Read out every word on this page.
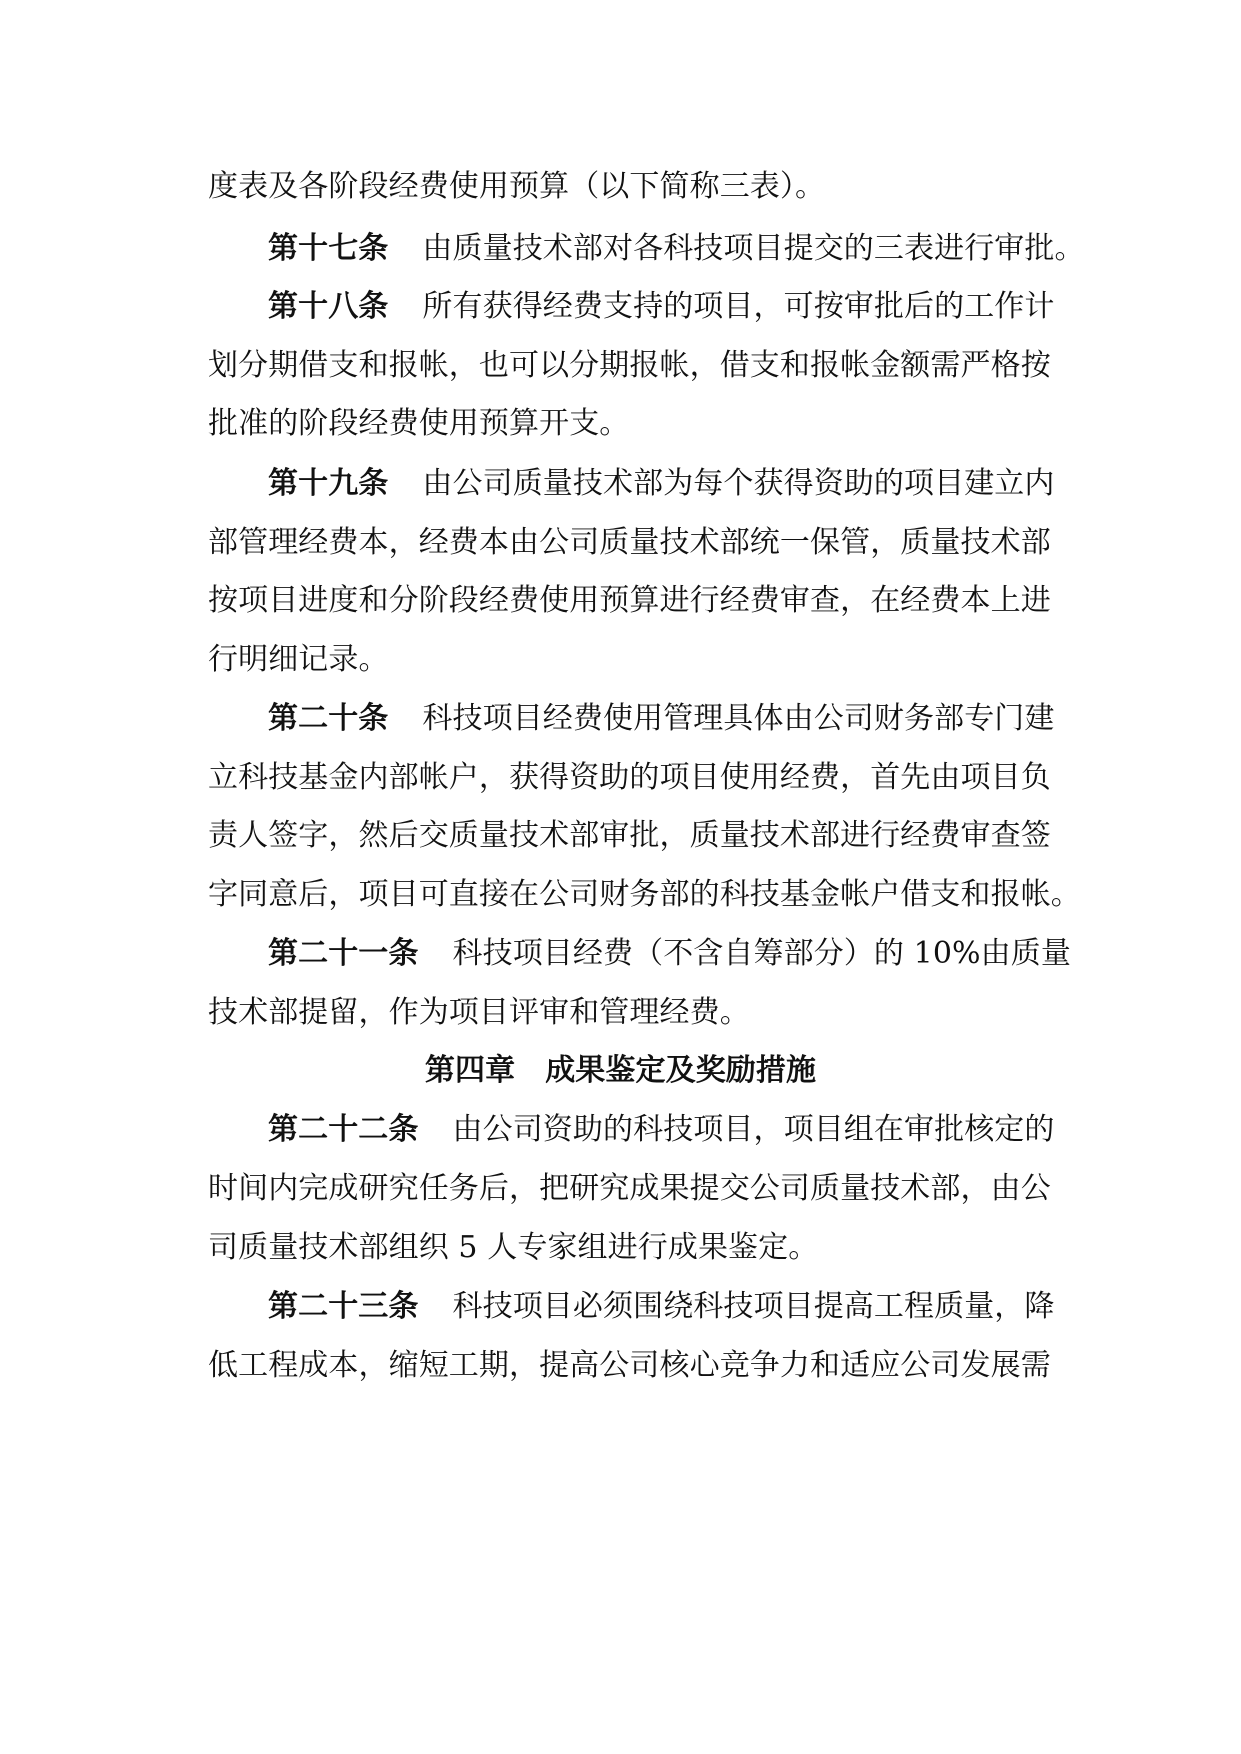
度表及各阶段经费使用预算（以下简称三表）。
第十七条 由质量技术部对各科技项目提交的三表进行审批。
第十八条 所有获得经费支持的项目，可按审批后的工作计
划分期借支和报帐，也可以分期报帐，借支和报帐金额需严格按
批准的阶段经费使用预算开支。
第十九条 由公司质量技术部为每个获得资助的项目建立内
部管理经费本，经费本由公司质量技术部统一保管，质量技术部
按项目进度和分阶段经费使用预算进行经费审查，在经费本上进
行明细记录。
第二十条 科技项目经费使用管理具体由公司财务部专门建
立科技基金内部帐户，获得资助的项目使用经费，首先由项目负
责人签字，然后交质量技术部审批，质量技术部进行经费审查签
字同意后，项目可直接在公司财务部的科技基金帐户借支和报帐。
第二十一条 科技项目经费（不含自筹部分）的 10%由质量
技术部提留，作为项目评审和管理经费。
第四章 成果鉴定及奖励措施
第二十二条 由公司资助的科技项目，项目组在审批核定的
时间内完成研究任务后，把研究成果提交公司质量技术部，由公
司质量技术部组织 5 人专家组进行成果鉴定。
第二十三条 科技项目必须围绕科技项目提高工程质量，降
低工程成本，缩短工期，提高公司核心竞争力和适应公司发展需
